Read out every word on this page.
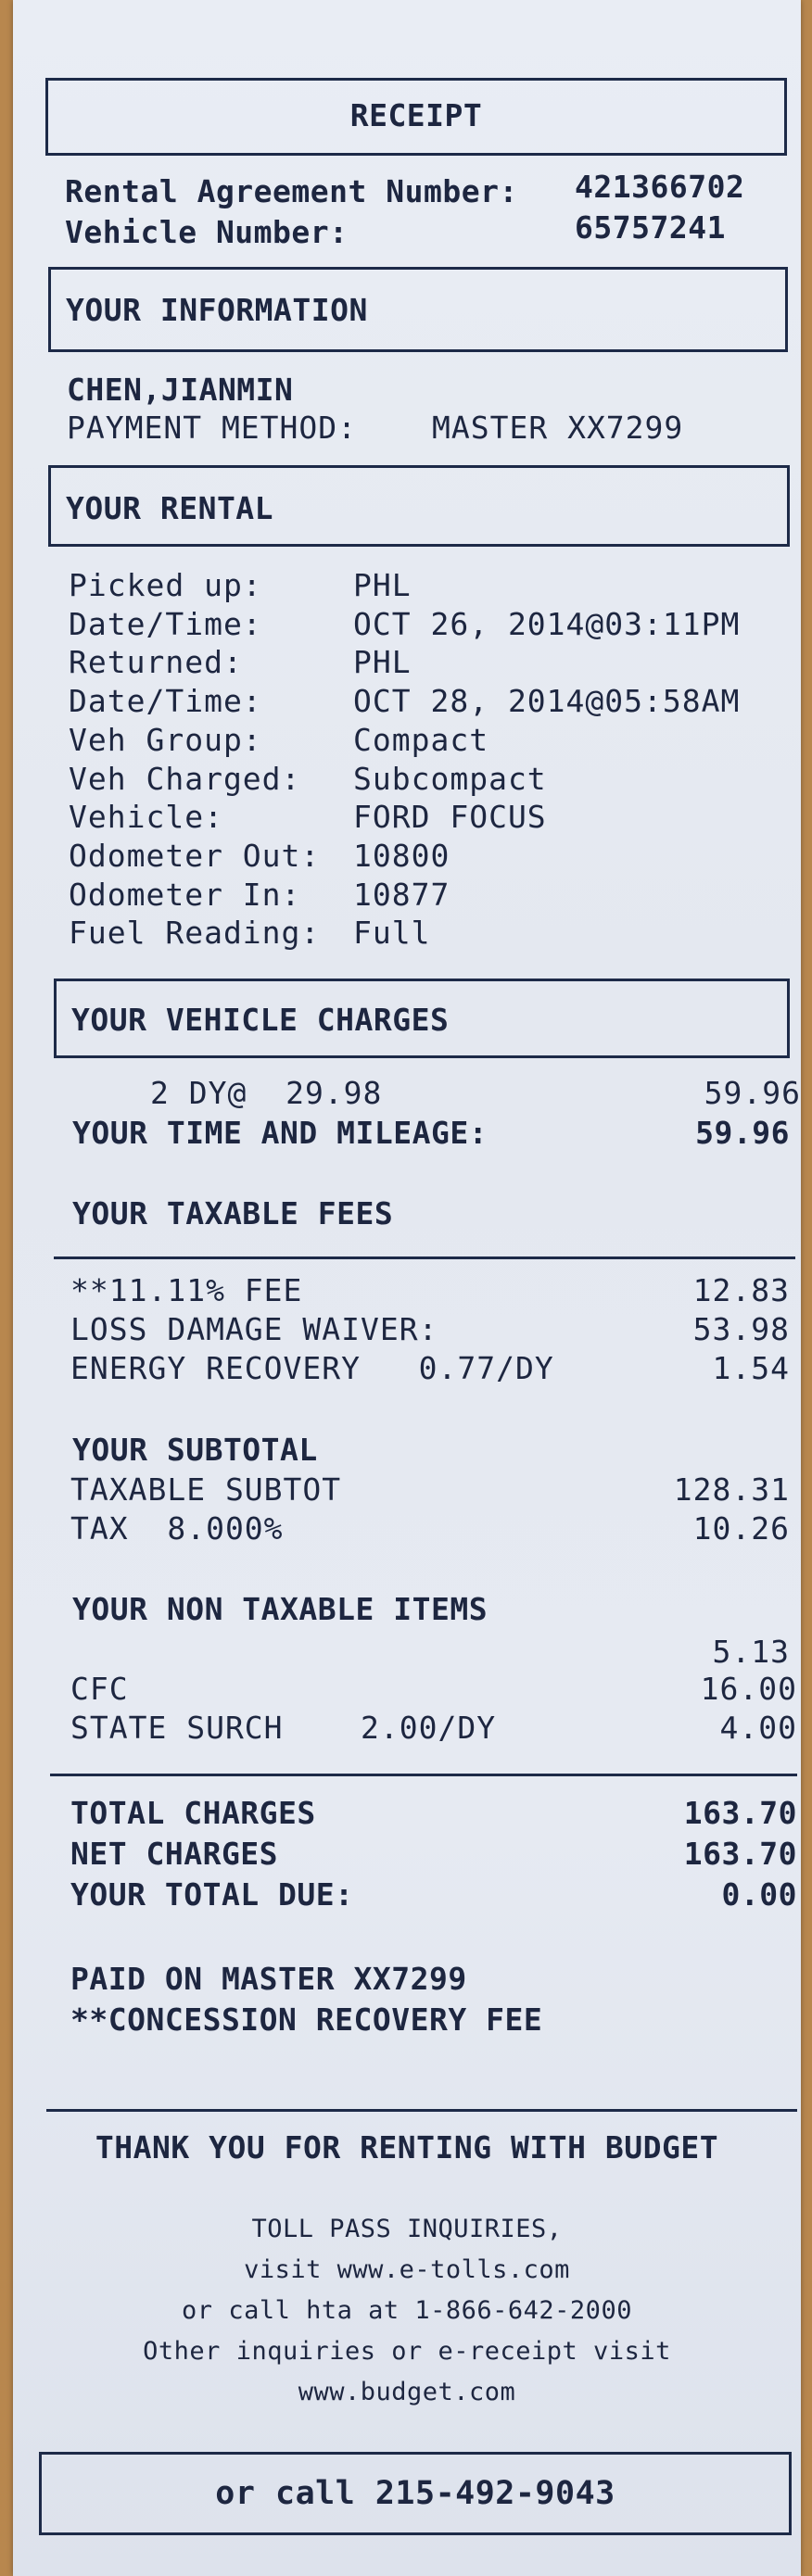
RECEIPT
Rental Agreement Number: 421366702
Vehicle Number:	65757241
YOUR INFORMATION
CHEN,JIANMIN
PAYMENT METHOD: MASTER XX7299
YOUR RENTAL
Picked up:	PHL
Date/Time:	OCT 26, 2014@03:11PM
Returned:	PHL
Date/Time:	OCT 28, 2014@05:58AM
Veh Group:	Compact
Veh Charged: Subcompact
Vehicle:	FORD FOCUS
Odometer Out: 10800
Odometer In: 10877
Fuel Reading: Full
YOUR VEHICLE CHARGES
2 DY@  29.98	59.96
YOUR TIME AND MILEAGE:	59.96
YOUR TAXABLE FEES
**11.11% FEE	12.83
LOSS DAMAGE WAIVER:	53.98
ENERGY RECOVERY   0.77/DY	1.54
YOUR SUBTOTAL
TAXABLE SUBTOT	128.31
TAX  8.000%	10.26
YOUR NON TAXABLE ITEMS
5.13
CFC	16.00
STATE SURCH    2.00/DY	4.00
TOTAL CHARGES	163.70
NET CHARGES	163.70
YOUR TOTAL DUE:	0.00
PAID ON MASTER XX7299
**CONCESSION RECOVERY FEE
THANK YOU FOR RENTING WITH BUDGET
TOLL PASS INQUIRIES,
visit www.e-tolls.com
or call hta at 1-866-642-2000
Other inquiries or e-receipt visit
www.budget.com
or call 215-492-9043
